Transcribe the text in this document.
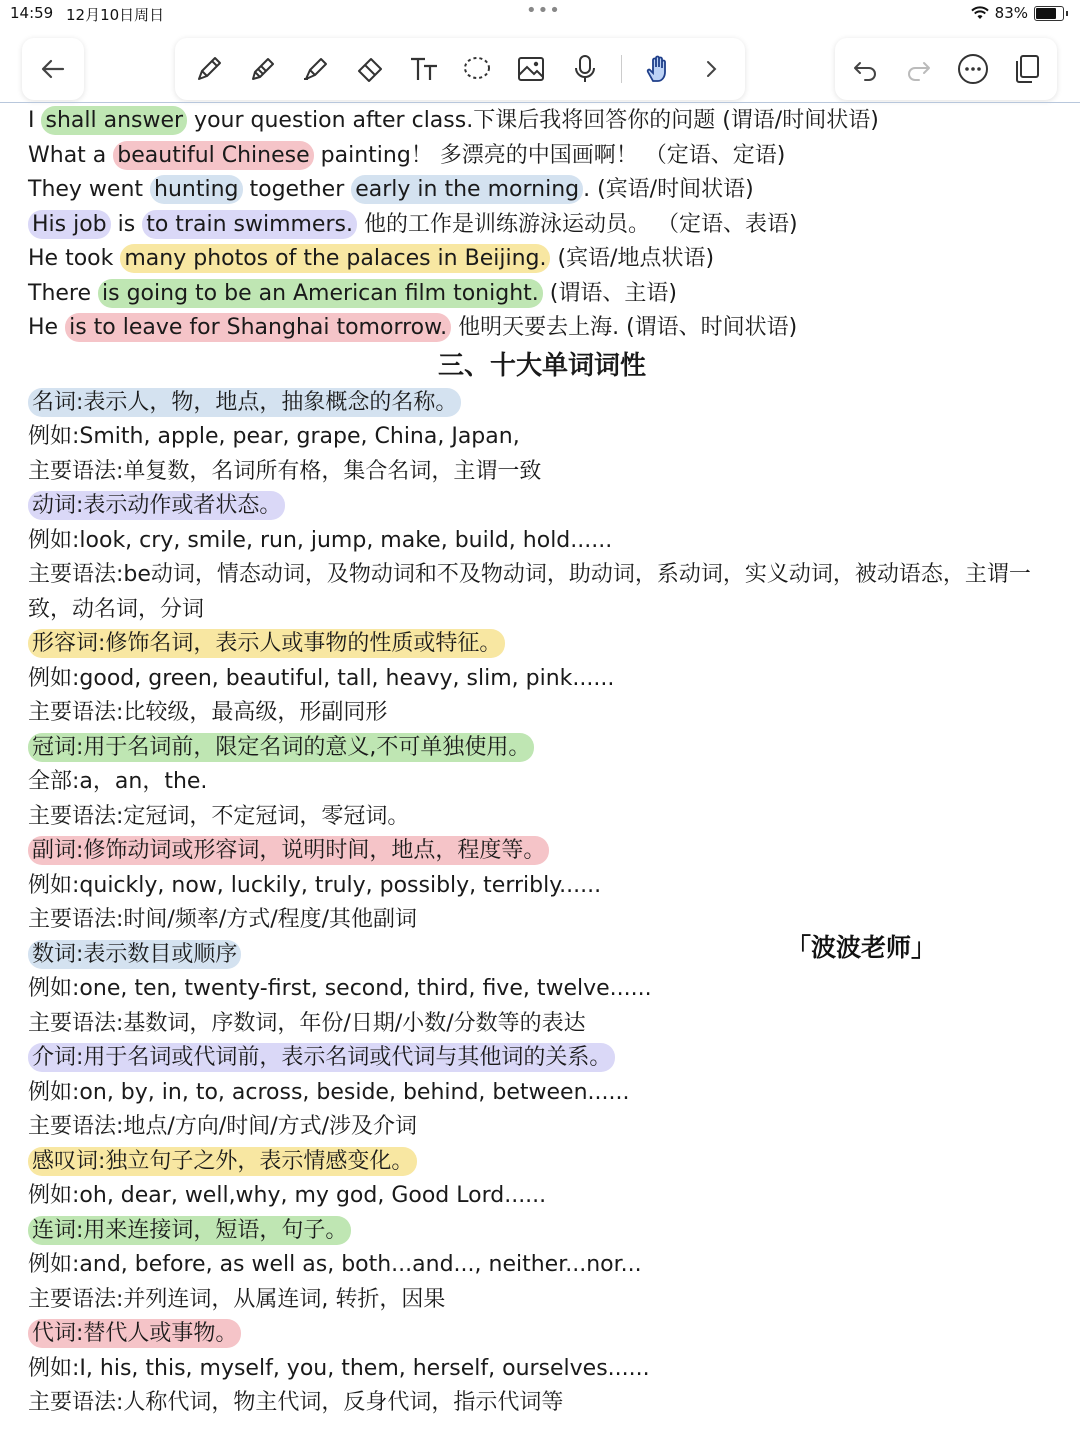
14:59 12月10日周日	•••	83%
I shall answer your question after class.下课后我将回答你的问题 (谓语/时间状语)
What a beautiful Chinese painting！ 多漂亮的中国画啊！ （定语、定语)
They went hunting together early in the morning . (宾语/时间状语)
His job is to train swimmers. 他的工作是训练游泳运动员。 （定语、表语)
He took many photos of the palaces in Beijing. (宾语/地点状语)
There is going to be an American film tonight. (谓语、主语)
He is to leave for Shanghai tomorrow. 他明天要去上海. (谓语、时间状语)
三、十大单词词性
名词:表示人，物，地点，抽象概念的名称。
例如:Smith, apple, pear, grape, China, Japan,
主要语法:单复数，名词所有格，集合名词，主谓一致
动词:表示动作或者状态。
例如:look, cry, smile, run, jump, make, build, hold......
主要语法:be动词，情态动词，及物动词和不及物动词，助动词，系动词，实义动词，被动语态，主谓一致，动名词，分词
形容词:修饰名词，表示人或事物的性质或特征。
例如:good, green, beautiful, tall, heavy, slim, pink......
主要语法:比较级，最高级，形副同形
冠词:用于名词前，限定名词的意义,不可单独使用。
全部:a，an，the.
主要语法:定冠词，不定冠词，零冠词。
副词:修饰动词或形容词，说明时间，地点，程度等。
例如:quickly, now, luckily, truly, possibly, terribly......
主要语法:时间/频率/方式/程度/其他副词
数词:表示数目或顺序
例如:one, ten, twenty-first, second, third, five, twelve......
主要语法:基数词，序数词，年份/日期/小数/分数等的表达
介词:用于名词或代词前，表示名词或代词与其他词的关系。
例如:on, by, in, to, across, beside, behind, between......
主要语法:地点/方向/时间/方式/涉及介词
感叹词:独立句子之外，表示情感变化。
例如:oh, dear, well,why, my god, Good Lord......
连词:用来连接词，短语，句子。
例如:and, before, as well as, both...and..., neither...nor...
主要语法:并列连词，从属连词, 转折，因果
代词:替代人或事物。
例如:I, his, this, myself, you, them, herself, ourselves......
主要语法:人称代词，物主代词，反身代词，指示代词等
「波波老师」
